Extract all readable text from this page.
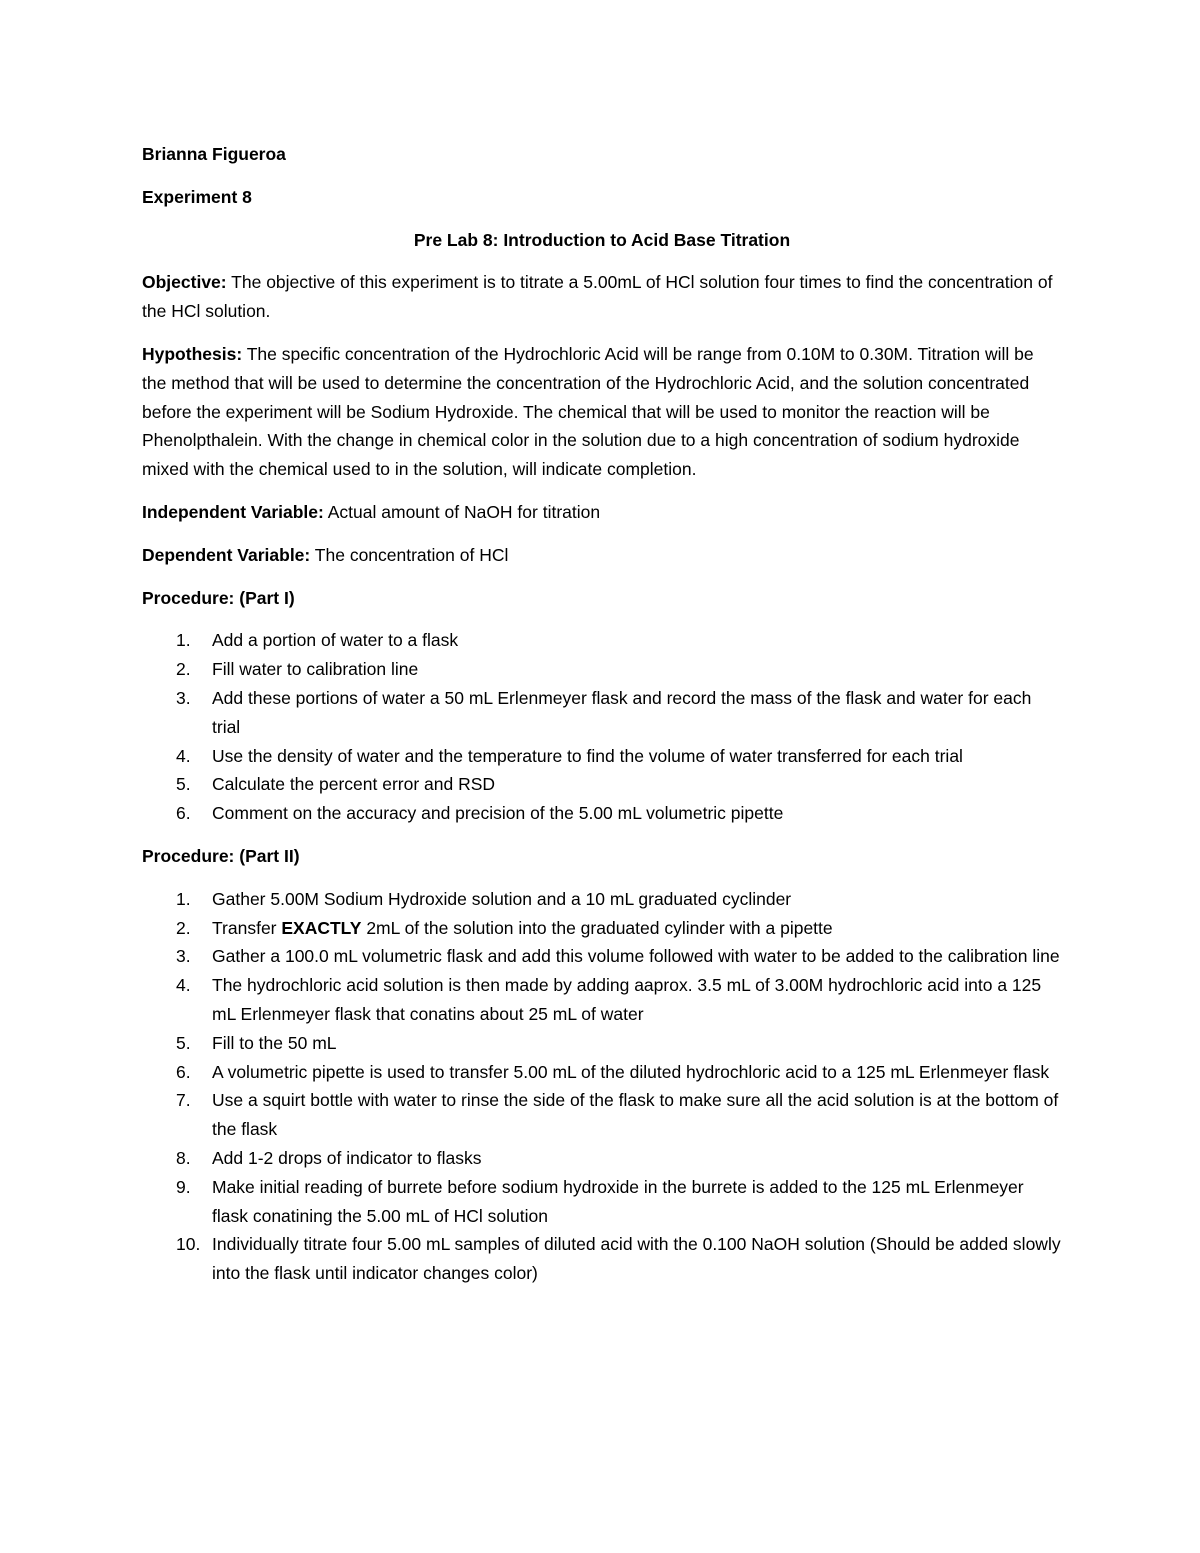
Brianna Figueroa

Experiment 8

Pre Lab 8: Introduction to Acid Base Titration

Objective: The objective of this experiment is to titrate a 5.00mL of HCl solution four times to find the concentration of the HCl solution.

Hypothesis: The specific concentration of the Hydrochloric Acid will be range from 0.10M to 0.30M. Titration will be the method that will be used to determine the concentration of the Hydrochloric Acid, and the solution concentrated before the experiment will be Sodium Hydroxide. The chemical that will be used to monitor the reaction will be Phenolpthalein. With the change in chemical color in the solution due to a high concentration of sodium hydroxide mixed with the chemical used to in the solution, will indicate completion.

Independent Variable: Actual amount of NaOH for titration

Dependent Variable: The concentration of HCl

Procedure: (Part I)

1.	Add a portion of water to a flask
2.	Fill water to calibration line
3.	Add these portions of water a 50 mL Erlenmeyer flask and record the mass of the flask and water for each trial
4.	Use the density of water and the temperature to find the volume of water transferred for each trial
5.	Calculate the percent error and RSD
6.	Comment on the accuracy and precision of the 5.00 mL volumetric pipette

Procedure: (Part II)

1.	Gather 5.00M Sodium Hydroxide solution and a 10 mL graduated cyclinder
2.	Transfer EXACTLY 2mL of the solution into the graduated cylinder with a pipette
3.	Gather a 100.0 mL volumetric flask and add this volume followed with water to be added to the calibration line
4.	The hydrochloric acid solution is then made by adding aaprox. 3.5 mL of 3.00M hydrochloric acid into a 125 mL Erlenmeyer flask that conatins about 25 mL of water
5.	Fill to the 50 mL
6.	A volumetric pipette is used to transfer 5.00 mL of the diluted hydrochloric acid to a 125 mL Erlenmeyer flask
7.	Use a squirt bottle with water to rinse the side of the flask to make sure all the acid solution is at the bottom of the flask
8.	Add 1-2 drops of indicator to flasks
9.	Make initial reading of burrete before sodium hydroxide in the burrete is added to the 125 mL Erlenmeyer flask conatining the 5.00 mL of HCl solution
10. Individually titrate four 5.00 mL samples of diluted acid with the 0.100 NaOH solution (Should be added slowly into the flask until indicator changes color)
